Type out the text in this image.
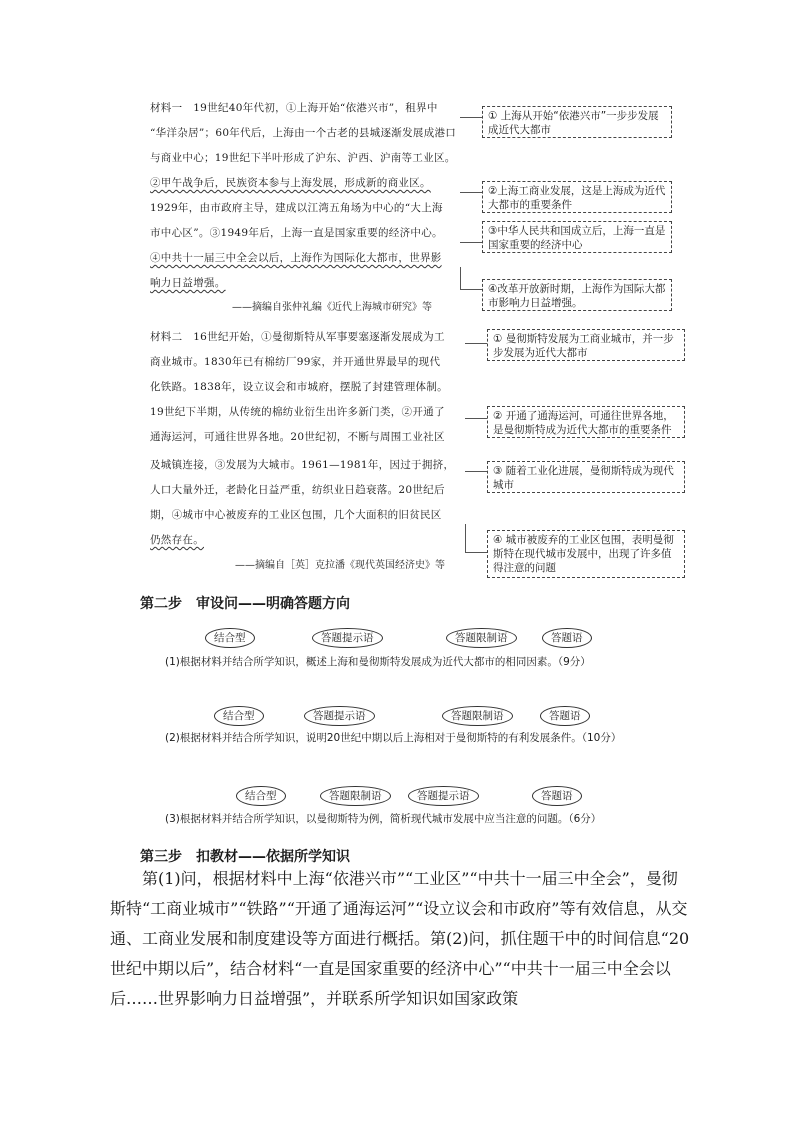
材料一　19世纪40年代初，①上海开始“依港兴市”，租界中
“华洋杂居”；60年代后，上海由一个古老的县城逐渐发展成港口
与商业中心；19世纪下半叶形成了沪东、沪西、沪南等工业区。
②甲午战争后，民族资本参与上海发展，形成新的商业区。
1929年，由市政府主导，建成以江湾五角场为中心的“大上海
市中心区”。③1949年后，上海一直是国家重要的经济中心。
④中共十一届三中全会以后，上海作为国际化大都市，世界影
响力日益增强。
——摘编自张仲礼编《近代上海城市研究》等
① 上海从开始“依港兴市”一步步发展成近代大都市
②上海工商业发展，这是上海成为近代大都市的重要条件
③中华人民共和国成立后，上海一直是国家重要的经济中心
④改革开放新时期，上海作为国际大都市影响力日益增强。
材料二　16世纪开始，①曼彻斯特从军事要塞逐渐发展成为工
商业城市。1830年已有棉纺厂99家，并开通世界最早的现代
化铁路。1838年，设立议会和市城府，摆脱了封建管理体制。
19世纪下半期，从传统的棉纺业衍生出许多新门类，②开通了
通海运河，可通往世界各地。20世纪初，不断与周围工业社区
及城镇连接，③发展为大城市。1961—1981年，因过于拥挤，
人口大量外迁，老龄化日益严重，纺织业日趋衰落。20世纪后
期，④城市中心被废弃的工业区包围，几个大面积的旧贫民区
仍然存在。
——摘编自［英］克拉潘《现代英国经济史》等
① 曼彻斯特发展为工商业城市，并一步步发展为近代大都市
② 开通了通海运河，可通往世界各地，是曼彻斯特成为近代大都市的重要条件
③ 随着工业化进展，曼彻斯特成为现代城市
④ 城市被废弃的工业区包围，表明曼彻斯特在现代城市发展中，出现了许多值得注意的问题
第二步　审设问——明确答题方向
结合型	答题提示语	答题限制语	答题语
(1)根据材料并结合所学知识，概述上海和曼彻斯特发展成为近代大都市的相同因素。（9分）
结合型	答题提示语	答题限制语	答题语
(2)根据材料并结合所学知识，说明20世纪中期以后上海相对于曼彻斯特的有利发展条件。（10分）
结合型	答题限制语	答题提示语	答题语
(3)根据材料并结合所学知识，以曼彻斯特为例，简析现代城市发展中应当注意的问题。（6分）
第三步　扣教材——依据所学知识
第(1)问，根据材料中上海“依港兴市”“工业区”“中共十一届三中全会”，曼彻斯特“工商业城市”“铁路”“开通了通海运河”“设立议会和市政府”等有效信息，从交通、工商业发展和制度建设等方面进行概括。第(2)问，抓住题干中的时间信息“20世纪中期以后”，结合材料“一直是国家重要的经济中心”“中共十一届三中全会以后……世界影响力日益增强”，并联系所学知识如国家政策
